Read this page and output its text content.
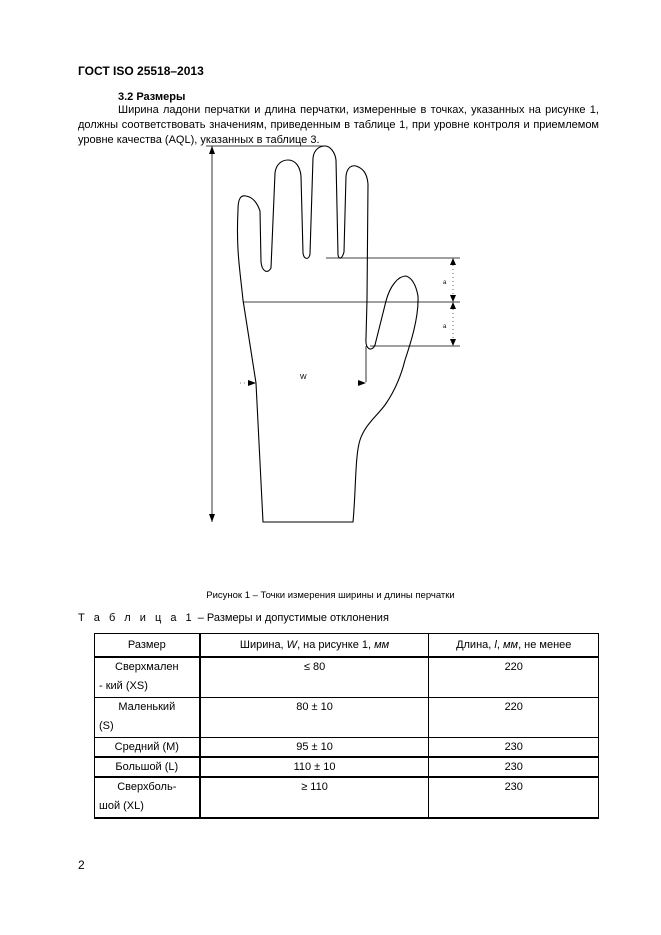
ГОСТ ISO 25518–2013
3.2 Размеры
Ширина ладони перчатки и длина перчатки, измеренные в точках, указанных на рисунке 1, должны соответствовать значениям, приведенным в таблице 1, при уровне контроля и приемлемом уровне качества (AQL), указанных в таблице 3.
W
a
a
Рисунок 1 – Точки измерения ширины и длины перчатки
Т а б л и ц а 1 – Размеры и допустимые отклонения
Размер	Ширина, W, на рисунке 1, мм	Длина, l, мм, не менее

Сверхмален
- кий (XS)	≤ 80	220

Маленький
(S)	80 ± 10	220
Средний (M)	95 ± 10	230
Большой (L)	110 ± 10	230

Сверхболь-
шой (XL)	≥ 110	230
2
